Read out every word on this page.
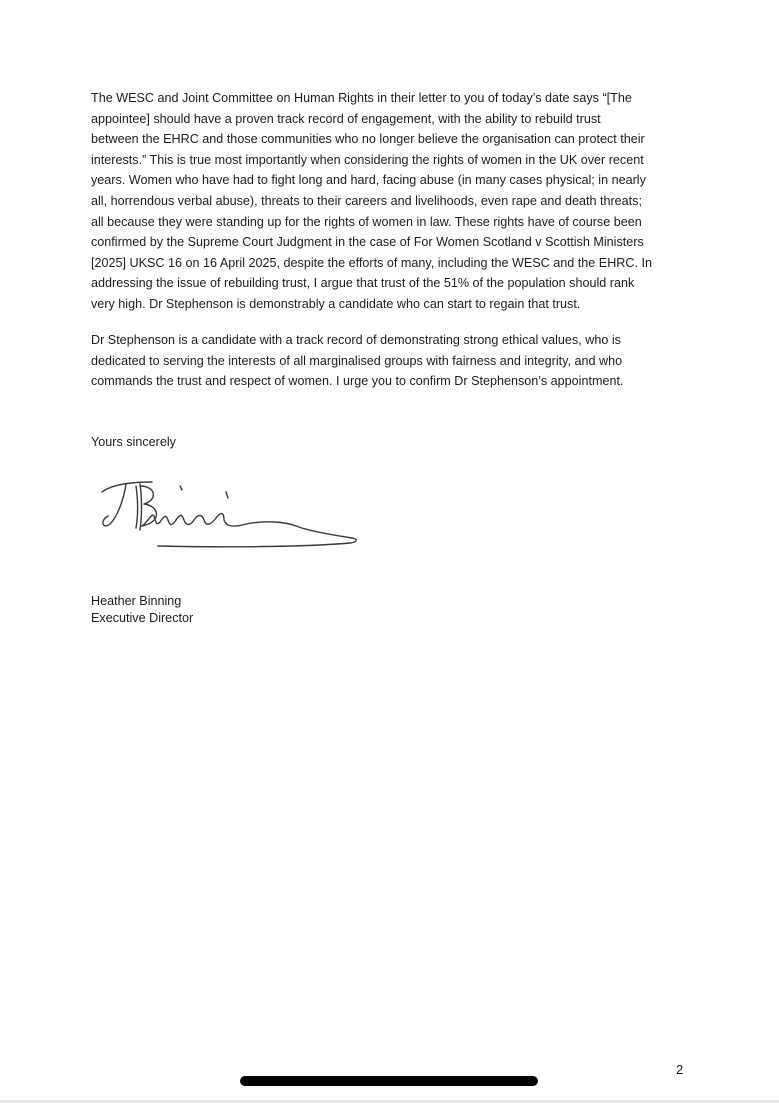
The WESC and Joint Committee on Human Rights in their letter to you of today’s date says “[The
appointee] should have a proven track record of engagement, with the ability to rebuild trust
between the EHRC and those communities who no longer believe the organisation can protect their
interests.” This is true most importantly when considering the rights of women in the UK over recent
years. Women who have had to fight long and hard, facing abuse (in many cases physical; in nearly
all, horrendous verbal abuse), threats to their careers and livelihoods, even rape and death threats;
all because they were standing up for the rights of women in law. These rights have of course been
confirmed by the Supreme Court Judgment in the case of For Women Scotland v Scottish Ministers
[2025] UKSC 16 on 16 April 2025, despite the efforts of many, including the WESC and the EHRC. In
addressing the issue of rebuilding trust, I argue that trust of the 51% of the population should rank
very high. Dr Stephenson is demonstrably a candidate who can start to regain that trust.

Dr Stephenson is a candidate with a track record of demonstrating strong ethical values, who is
dedicated to serving the interests of all marginalised groups with fairness and integrity, and who
commands the trust and respect of women. I urge you to confirm Dr Stephenson’s appointment.

Yours sincerely

Heather Binning
Executive Director
2
